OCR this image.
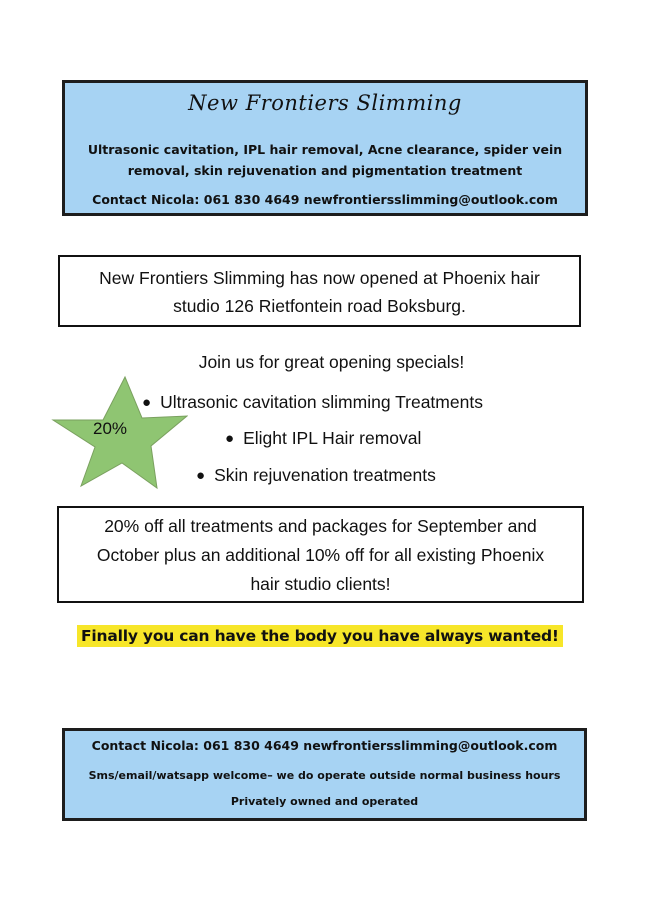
New Frontiers Slimming
Ultrasonic cavitation, IPL hair removal, Acne clearance, spider vein
removal, skin rejuvenation and pigmentation treatment
Contact Nicola: 061 830 4649 newfrontiersslimming@outlook.com
New Frontiers Slimming has now opened at Phoenix hair
studio 126 Rietfontein road Boksburg.
Join us for great opening specials!
20%
● Ultrasonic cavitation slimming Treatments
● Elight IPL Hair removal
● Skin rejuvenation treatments
20% off all treatments and packages for September and
October plus an additional 10% off for all existing Phoenix
hair studio clients!
Finally you can have the body you have always wanted!
Contact Nicola: 061 830 4649 newfrontiersslimming@outlook.com
Sms/email/watsapp welcome– we do operate outside normal business hours
Privately owned and operated
